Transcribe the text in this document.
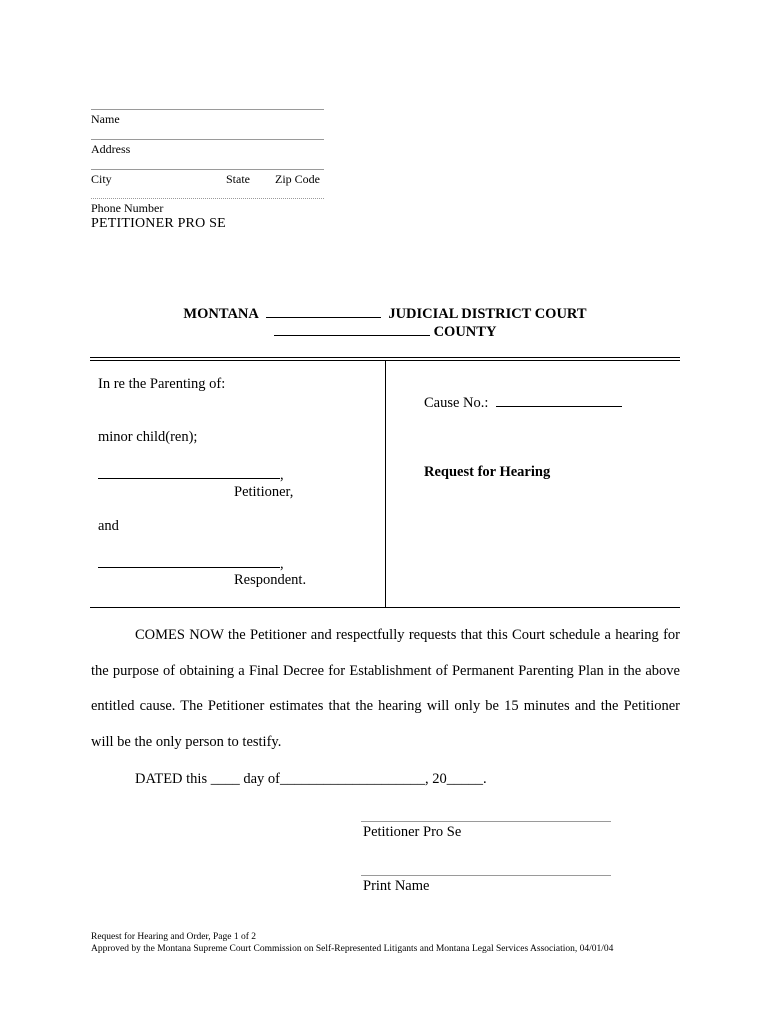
Name
Address
City	State Zip Code
Phone Number
PETITIONER PRO SE
MONTANA	JUDICIAL DISTRICT COURT
COUNTY
In re the Parenting of:
minor child(ren);
,
Petitioner,
and
,
Respondent.
Cause No.:
Request for Hearing
COMES NOW the Petitioner and respectfully requests that this Court schedule a hearing for the purpose of obtaining a Final Decree for Establishment of Permanent Parenting Plan in the above entitled cause. The Petitioner estimates that the hearing will only be 15 minutes and the Petitioner will be the only person to testify.
DATED this ____ day of____________________, 20_____.
Petitioner Pro Se
Print Name
Request for Hearing and Order, Page 1 of 2
Approved by the Montana Supreme Court Commission on Self-Represented Litigants and Montana Legal Services Association, 04/01/04
